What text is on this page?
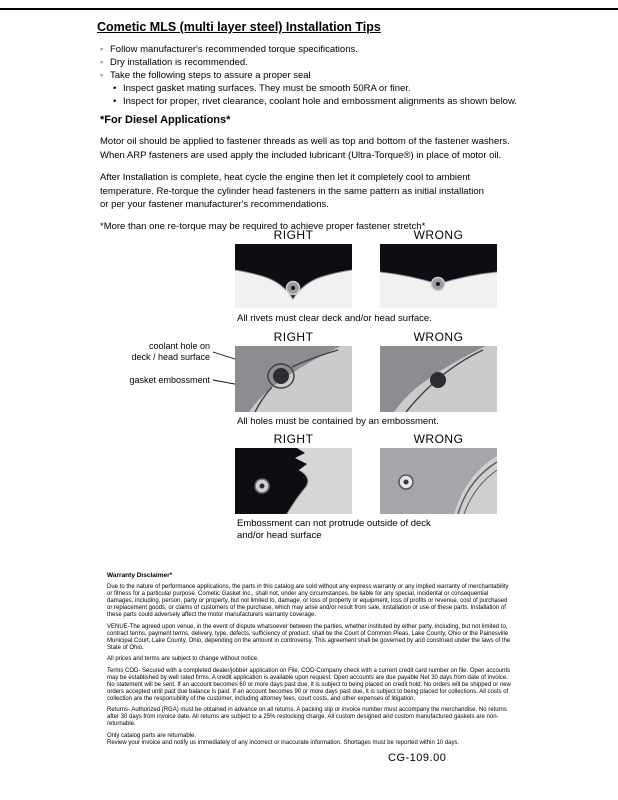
Cometic MLS (multi layer steel) Installation Tips
◦ Follow manufacturer's recommended torque specifications.
◦ Dry installation is recommended.
◦ Take the following steps to assure a proper seal
• Inspect gasket mating surfaces. They must be smooth 50RA or finer.
• Inspect for proper, rivet clearance, coolant hole and embossment alignments as shown below.
*For Diesel Applications*

Motor oil should be applied to fastener threads as well as top and bottom of the fastener washers.
When ARP fasteners are used apply the included lubricant (Ultra-Torque®) in place of motor oil.

After Installation is complete, heat cycle the engine then let it completely cool to ambient
temperature. Re-torque the cylinder head fasteners in the same pattern as initial installation
or per your fastener manufacturer's recommendations.

*More than one re-torque may be required to achieve proper fastener stretch*

RIGHT	WRONG
All rivets must clear deck and/or head surface.
RIGHT	WRONG
coolant hole on
deck / head surface
gasket embossment
All holes must be contained by an embossment.
RIGHT	WRONG
Embossment can not protrude outside of deck and/or head surface
Warranty Disclaimer*

Due to the nature of performance applications, the parts in this catalog are sold without any express warranty or any implied warranty of merchantability or fitness for a particular purpose. Cometic Gasket Inc., shall not, under any circumstances, be liable for any special, incidental or consequential damages, including, person, party or property, but not limited to, damage, or loss of property or equipment, loss of profits or revenue, cost of purchased or replacement goods, or claims of customers of the purchase, which may arise and/or result from sale, installation or use of these parts. Installation of these parts could adversely affect the motor manufacturers warranty coverage.

VENUE-The agreed upon venue, in the event of dispute whatsoever between the parties, whether instituted by either party, including, but not limited to, contract terms, payment terms, delivery, type, defects, sufficiency of product, shall be the Court of Common Pleas, Lake County, Ohio or the Painesville Municipal Court, Lake County, Ohio, depending on the amount in controversy. This agreement shall be governed by and construed under the laws of the State of Ohio.

All prices and terms are subject to change without notice.

Terms COD- Secured with a completed dealer/jobber application on File, COD-Company check with a current credit card number on file. Open accounts may be established by well rated firms. A credit application is available upon request. Open accounts are due payable Net 30 days from date of invoice. No statement will be sent. If an account becomes 60 or more days past due, it is subject to being placed on credit hold. No orders will be shipped or new orders accepted until past due balance is paid. If an account becomes 90 or more days past due, it is subject to being placed for collections. All costs of collection are the responsibility of the customer, including attorney fees, court costs, and other expenses of litigation.

Returns- Authorized (RGA) must be obtained in advance on all returns. A packing slip or invoice number must accompany the merchandise. No returns after 30 days from invoice date. All returns are subject to a 25% restocking charge. All custom designed and custom manufactured gaskets are non-returnable.

Only catalog parts are returnable.

Review your invoice and notify us immediately of any incorrect or inaccurate information. Shortages must be reported within 10 days.

CG-109.00
